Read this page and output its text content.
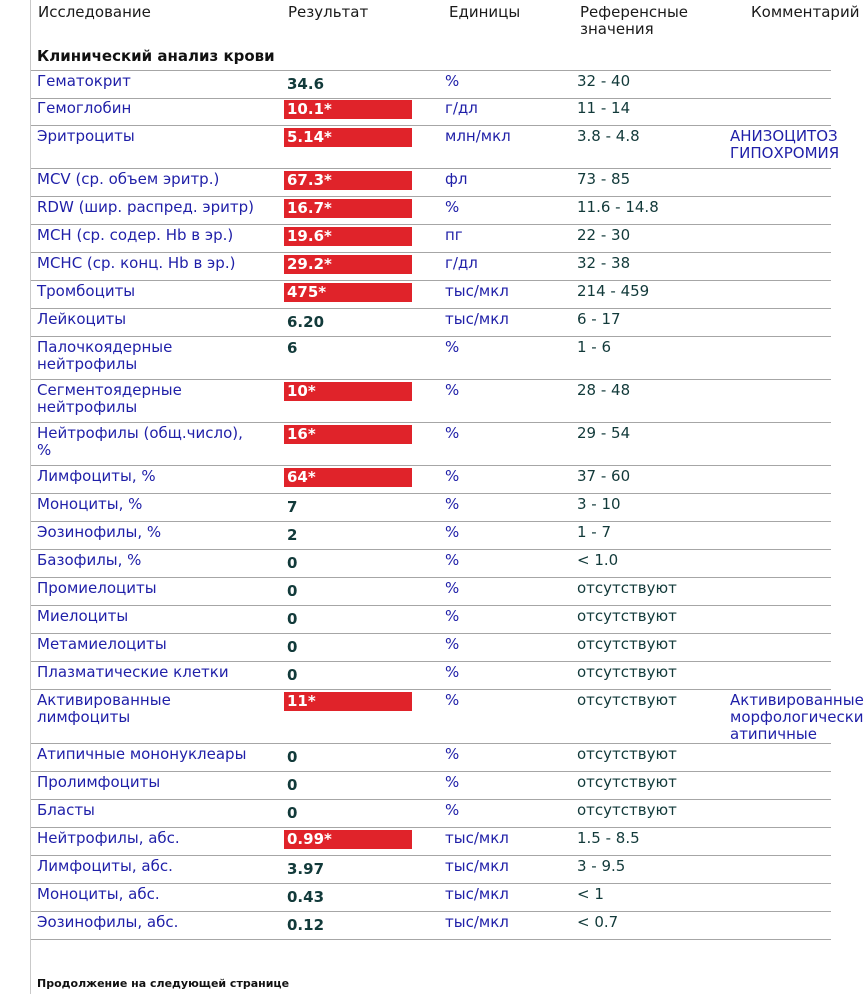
Исследование	Результат	Единицы	Референсные
значения
Комментарий
Клинический анализ крови
Гематокрит	34.6	%	32 - 40
Гемоглобин	10.1*	г/дл	11 - 14
Эритроциты	5.14*	млн/мкл	3.8 - 4.8	АНИЗОЦИТОЗ
ГИПОХРОМИЯ
MCV (ср. объем эритр.)	67.3*	фл	73 - 85
RDW (шир. распред. эритр) 16.7*	%	11.6 - 14.8
MCH (ср. содер. Hb в эр.)	19.6*	пг	22 - 30
MCHC (ср. конц. Hb в эр.)	29.2*	г/дл	32 - 38
Тромбоциты	475*	тыс/мкл	214 - 459
Лейкоциты	6.20	тыс/мкл	6 - 17
Палочкоядерные
нейтрофилы
6	%	1 - 6
Сегментоядерные
нейтрофилы
10*	%	28 - 48
Нейтрофилы (общ.число),
%
16*	%	29 - 54
Лимфоциты, %	64*	%	37 - 60
Моноциты, %	7	%	3 - 10
Эозинофилы, %	2	%	1 - 7
Базофилы, %	0	%	< 1.0
Промиелоциты	0	%	отсутствуют
Миелоциты	0	%	отсутствуют
Метамиелоциты	0	%	отсутствуют
Плазматические клетки	0	%	отсутствуют
Активированные
лимфоциты
11*	%	отсутствуют	Активированные
морфологически
атипичные
Атипичные мононуклеары	0	%	отсутствуют
Пролимфоциты	0	%	отсутствуют
Бласты	0	%	отсутствуют
Нейтрофилы, абс.	0.99*	тыс/мкл	1.5 - 8.5
Лимфоциты, абс.	3.97	тыс/мкл	3 - 9.5
Моноциты, абс.	0.43	тыс/мкл	< 1
Эозинофилы, абс.	0.12	тыс/мкл	< 0.7
Продолжение на следующей странице
